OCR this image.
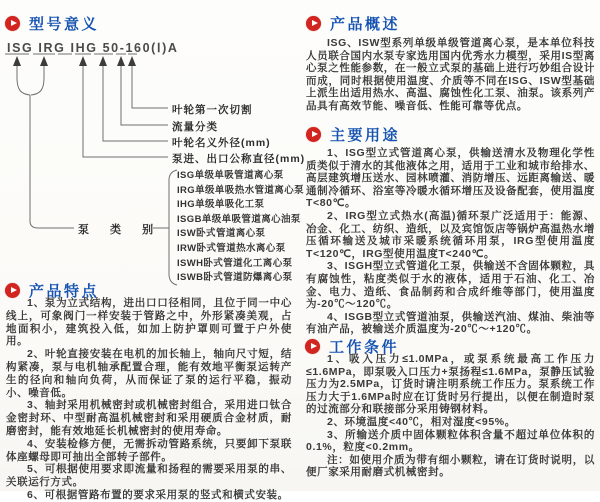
型号意义
ISG IRG IHG 50-160(Ⅰ)A
叶轮第一次切割
流量分类
叶轮名义外径(mm)
泵进、出口公称直径(mm)
泵 类 别
ISG单级单吸管道离心泵
IRG单级单吸热水管道离心泵
IHG单级单吸化工泵
ISGB单级单吸管道离心油泵
ISW卧式管道离心泵
IRW卧式管道热水离心泵
ISWH卧式管道化工离心泵
ISWB卧式管道防爆离心泵
产品特点

1、泵为立式结构，进出口口径相同，且位于同一中心线上，可象阀门一样安装于管路之中，外形紧凑美观，占地面积小，建筑投入低，如加上防护罩则可置于户外使用。

2、叶轮直接安装在电机的加长轴上，轴向尺寸短，结构紧凑，泵与电机轴承配置合理，能有效地平衡泵运转产生的径向和轴向负荷，从而保证了泵的运行平稳，振动小、噪音低。

3、轴封采用机械密封或机械密封组合，采用进口钛合金密封环、中型耐高温机械密封和采用硬质合金材质，耐磨密封，能有效地延长机械密封的使用寿命。

4、安装检修方便，无需拆动管路系统，只要卸下泵联体座螺母即可抽出全部转子部件。

5、可根据使用要求即流量和扬程的需要采用泵的串、关联运行方式。

6、可根据管路布置的要求采用泵的竖式和横式安装。

产品概述

ISG、ISW型系列单级单级管道离心泵，是本单位科技人员联合国内水泵专家选用国内优秀水力模型，采用IS型离心泵之性能参数，在一般立式泵的基础上进行巧妙组合设计而成，同时根据使用温度、介质等不同在ISG、ISW型基础上派生出适用热水、高温、腐蚀性化工泵、油泵。该系列产品具有高效节能、噪音低、性能可靠等优点。

主要用途

1、ISG型立式管道离心泵，供输送清水及物理化学性质类似于清水的其他液体之用，适用于工业和城市给排水、高层建筑增压送水、园林喷灌、消防增压、远距离输送、暖通制冷循环、浴室等冷暖水循环增压及设备配套，使用温度T<80℃。

2、IRG型立式热水(高温)循环泵广泛适用于：能源、冶金、化工、纺织、造纸，以及宾馆饭店等锅炉高温热水增压循环输送及城市采暖系统循环用泵，IRG型使用温度T<120℃，IRG型使用温度T<240℃。

3、ISGH型立式管道化工泵，供输送不含固体颗粒，具有腐蚀性，粘度类似于水的液体，适用于石油、化工、冶金、电力、造纸、食品制药和合成纤维等部门，使用温度为-20℃～120℃。

4、ISGB型立式管道油泵，供输送汽油、煤油、柴油等有油产品，被输送介质温度为-20℃～+120℃。

工作条件

1、吸入压力≤1.0MPa，或泵系统最高工作压力≤1.6MPa，即泵吸入口压力+泵扬程≤1.6MPa，泵静压试验压力为2.5MPa，订货时请注明系统工作压力。泵系统工作压力大于1.6MPa时应在订货时另行提出，以便在制造时泵的过流部分和联接部分采用铸钢材料。

2、环境温度<40℃，相对湿度<95%。

3、所输送介质中固体颗粒体积含量不超过单位体积的0.1%，粒度<0.2mm。

注：如使用介质为带有细小颗粒，请在订货时说明，以便厂家采用耐磨式机械密封。
